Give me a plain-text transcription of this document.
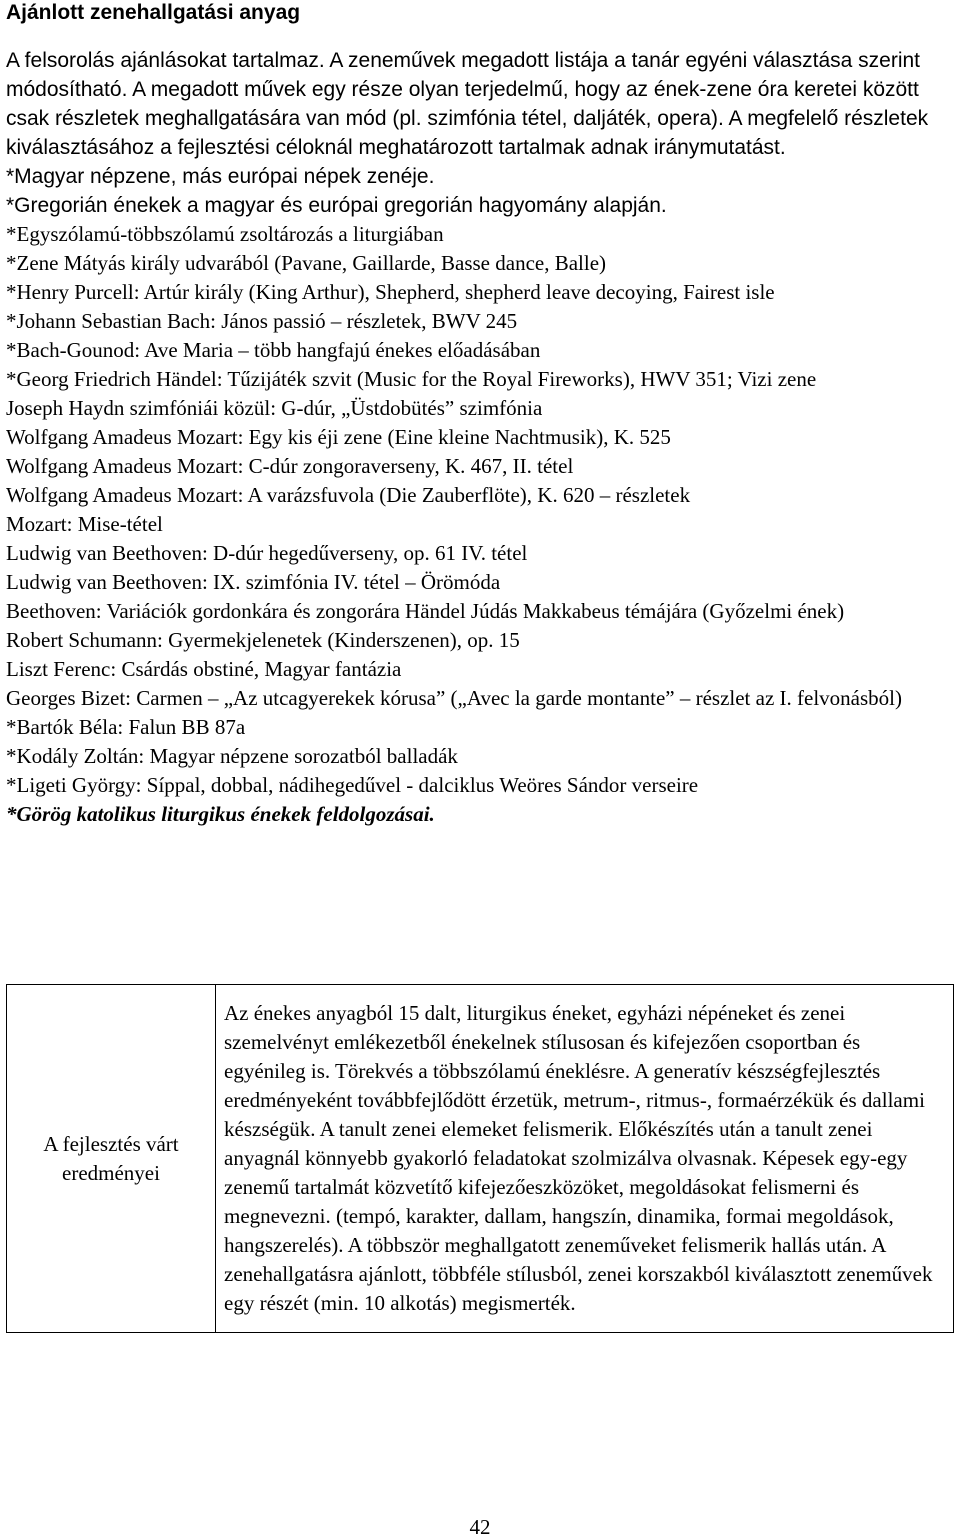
Ajánlott zenehallgatási anyag
A felsorolás ajánlásokat tartalmaz. A zeneművek megadott listája a tanár egyéni választása szerint módosítható. A megadott művek egy része olyan terjedelmű, hogy az ének-zene óra keretei között csak részletek meghallgatására van mód (pl. szimfónia tétel, daljáték, opera). A megfelelő részletek kiválasztásához a fejlesztési céloknál meghatározott tartalmak adnak iránymutatást.
*Magyar népzene, más európai népek zenéje.
*Gregorián énekek a magyar és európai gregorián hagyomány alapján.
*Egyszólamú-többszólamú zsoltározás a liturgiában
*Zene Mátyás király udvarából (Pavane, Gaillarde, Basse dance, Balle)
*Henry Purcell: Artúr király (King Arthur), Shepherd, shepherd leave decoying, Fairest isle
*Johann Sebastian Bach: János passió – részletek, BWV 245
*Bach-Gounod: Ave Maria – több hangfajú énekes előadásában
*Georg Friedrich Händel: Tűzijáték szvit (Music for the Royal Fireworks), HWV 351; Vizi zene
Joseph Haydn szimfóniái közül: G-dúr, „Üstdobütés” szimfónia
Wolfgang Amadeus Mozart: Egy kis éji zene (Eine kleine Nachtmusik), K. 525
Wolfgang Amadeus Mozart: C-dúr zongoraverseny, K. 467, II. tétel
Wolfgang Amadeus Mozart: A varázsfuvola (Die Zauberflöte), K. 620 – részletek
Mozart: Mise-tétel
Ludwig van Beethoven: D-dúr hegedűverseny, op. 61 IV. tétel
Ludwig van Beethoven: IX. szimfónia IV. tétel – Örömóda
Beethoven: Variációk gordonkára és zongorára Händel Júdás Makkabeus témájára (Győzelmi ének)
Robert Schumann: Gyermekjelenetek (Kinderszenen), op. 15
Liszt Ferenc: Csárdás obstiné, Magyar fantázia
Georges Bizet: Carmen – „Az utcagyerekek kórusa” („Avec la garde montante” – részlet az I. felvonásból)
*Bartók Béla: Falun BB 87a
*Kodály Zoltán: Magyar népzene sorozatból balladák
*Ligeti György: Síppal, dobbal, nádihegedűvel - dalciklus Weöres Sándor verseire
*Görög katolikus liturgikus énekek feldolgozásai.
A fejlesztés várt eredményei	Az énekes anyagból 15 dalt, liturgikus éneket, egyházi népéneket és zenei szemelvényt emlékezetből énekelnek stílusosan és kifejezően csoportban és egyénileg is. Törekvés a többszólamú éneklésre. A generatív készségfejlesztés eredményeként továbbfejlődött érzetük, metrum-, ritmus-, formaérzékük és dallami készségük. A tanult zenei elemeket felismerik. Előkészítés után a tanult zenei anyagnál könnyebb gyakorló feladatokat szolmizálva olvasnak. Képesek egy-egy zenemű tartalmát közvetítő kifejezőeszközöket, megoldásokat felismerni és megnevezni. (tempó, karakter, dallam, hangszín, dinamika, formai megoldások, hangszerelés). A többször meghallgatott zeneműveket felismerik hallás után. A zenehallgatásra ajánlott, többféle stílusból, zenei korszakból kiválasztott zeneművek egy részét (min. 10 alkotás) megismerték.
42
